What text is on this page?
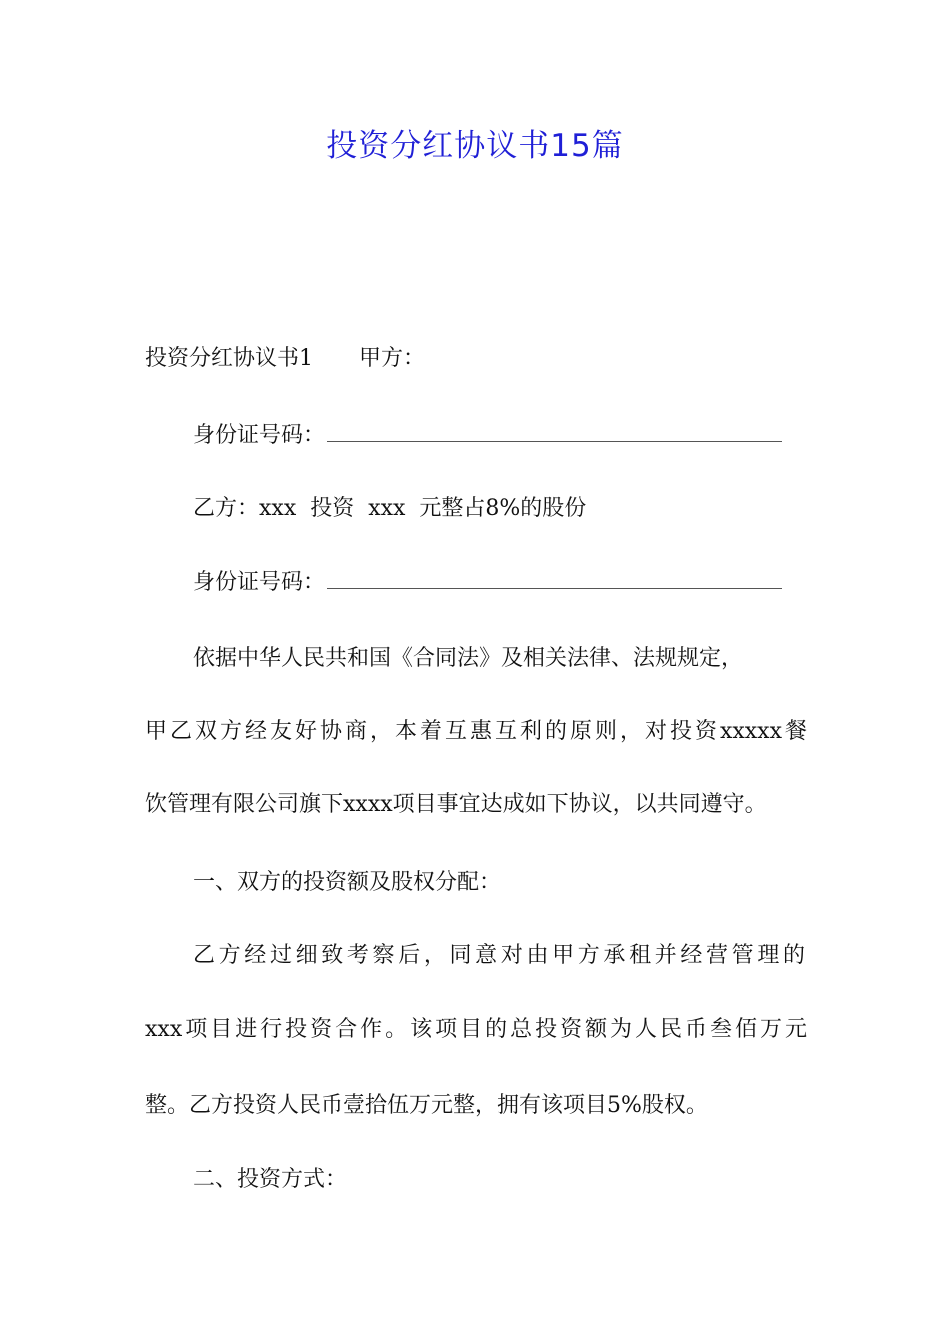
投资分红协议书15篇
投资分红协议书1 甲方：
身份证号码：
乙方：xxx  投资  xxx  元整占8%的股份
身份证号码：
依据中华人民共和国《合同法》及相关法律、法规规定，
甲乙双方经友好协商，本着互惠互利的原则，对投资xxxxx餐
饮管理有限公司旗下xxxx项目事宜达成如下协议，以共同遵守。
一、双方的投资额及股权分配：
乙方经过细致考察后，同意对由甲方承租并经营管理的
xxx项目进行投资合作。该项目的总投资额为人民币叁佰万元
整。乙方投资人民币壹拾伍万元整，拥有该项目5%股权。
二、投资方式：
